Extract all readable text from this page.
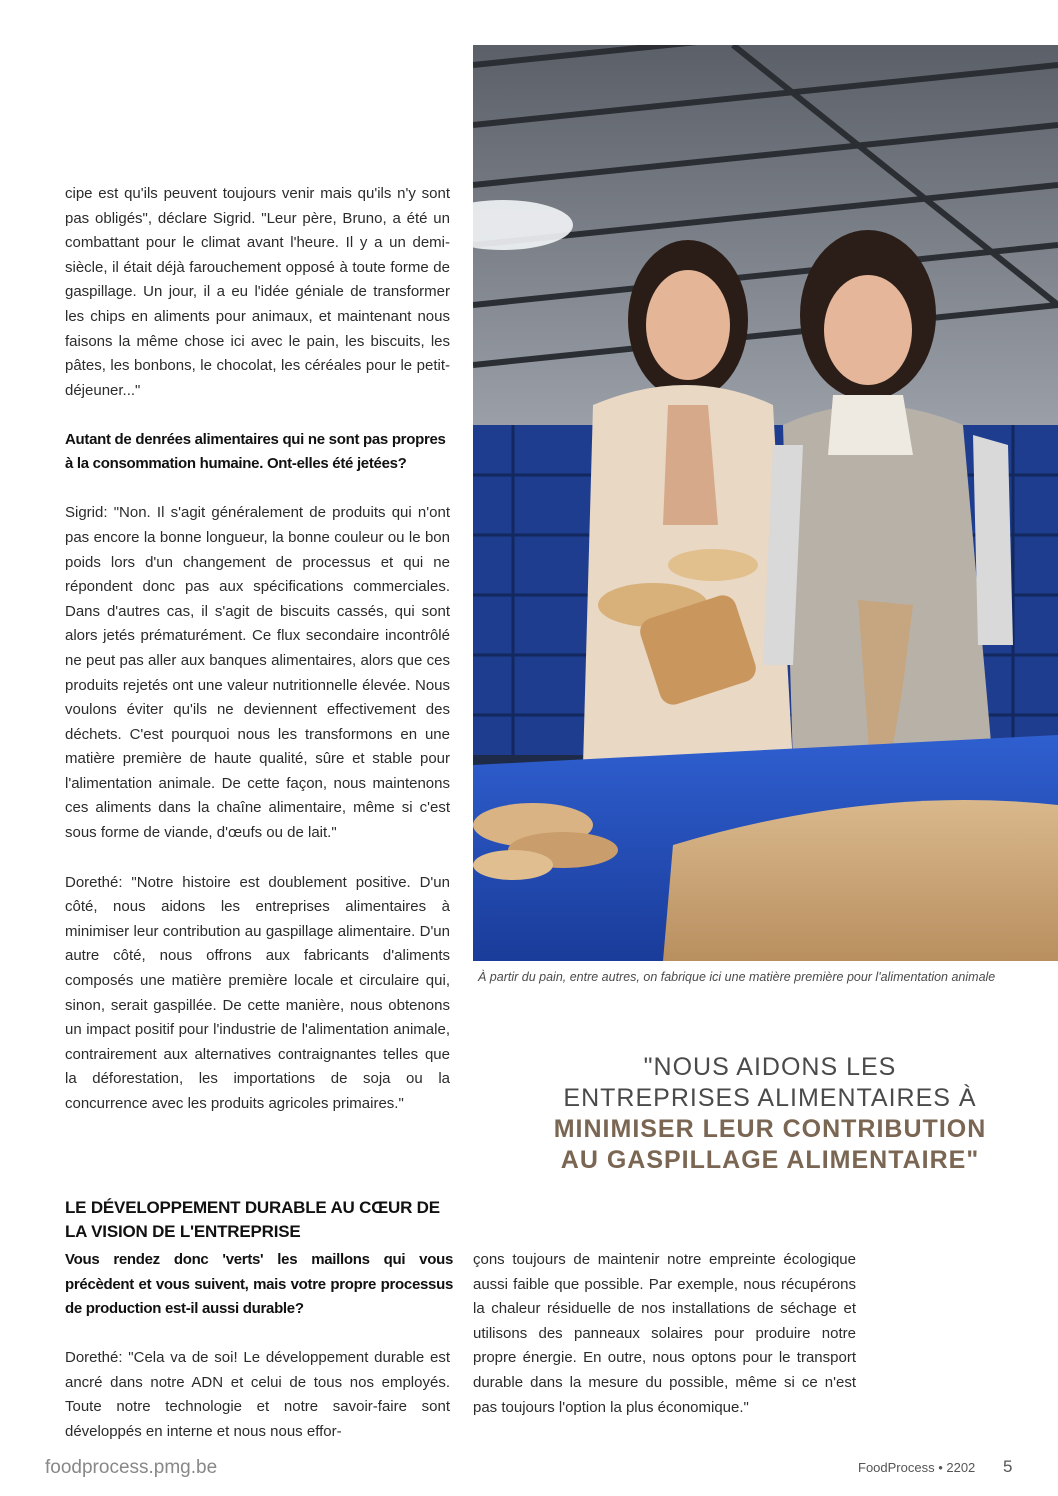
cipe est qu'ils peuvent toujours venir mais qu'ils n'y sont pas obligés", déclare Sigrid. "Leur père, Bruno, a été un combattant pour le climat avant l'heure. Il y a un demi-siècle, il était déjà farouchement opposé à toute forme de gaspillage. Un jour, il a eu l'idée géniale de transformer les chips en aliments pour animaux, et maintenant nous faisons la même chose ici avec le pain, les biscuits, les pâtes, les bonbons, le chocolat, les céréales pour le petit-déjeuner..."

Autant de denrées alimentaires qui ne sont pas propres à la consommation humaine. Ont-elles été jetées?

Sigrid: "Non. Il s'agit généralement de produits qui n'ont pas encore la bonne longueur, la bonne couleur ou le bon poids lors d'un changement de processus et qui ne répondent donc pas aux spécifications commerciales. Dans d'autres cas, il s'agit de biscuits cassés, qui sont alors jetés prématurément. Ce flux secondaire incontrôlé ne peut pas aller aux banques alimentaires, alors que ces produits rejetés ont une valeur nutritionnelle élevée. Nous voulons éviter qu'ils ne deviennent effectivement des déchets. C'est pourquoi nous les transformons en une matière première de haute qualité, sûre et stable pour l'alimentation animale. De cette façon, nous maintenons ces aliments dans la chaîne alimentaire, même si c'est sous forme de viande, d'œufs ou de lait."

Dorethé: "Notre histoire est doublement positive. D'un côté, nous aidons les entreprises alimentaires à minimiser leur contribution au gaspillage alimentaire. D'un autre côté, nous offrons aux fabricants d'aliments composés une matière première locale et circulaire qui, sinon, serait gaspillée. De cette manière, nous obtenons un impact positif pour l'industrie de l'alimentation animale, contrairement aux alternatives contraignantes telles que la déforestation, les importations de soja ou la concurrence avec les produits agricoles primaires."

LE DÉVELOPPEMENT DURABLE AU CŒUR DE LA VISION DE L'ENTREPRISE

Vous rendez donc 'verts' les maillons qui vous précèdent et vous suivent, mais votre propre processus de production est-il aussi durable?

Dorethé: "Cela va de soi! Le développement durable est ancré dans notre ADN et celui de tous nos employés. Toute notre technologie et notre savoir-faire sont développés en interne et nous nous effor-

À partir du pain, entre autres, on fabrique ici une matière première pour l'alimentation animale

"NOUS AIDONS LES
ENTREPRISES ALIMENTAIRES À
MINIMISER LEUR CONTRIBUTION
AU GASPILLAGE ALIMENTAIRE"

çons toujours de maintenir notre empreinte écologique aussi faible que possible. Par exemple, nous récupérons la chaleur résiduelle de nos installations de séchage et utilisons des panneaux solaires pour produire notre propre énergie. En outre, nous optons pour le transport durable dans la mesure du possible, même si ce n'est pas toujours l'option la plus économique."

foodprocess.pmg.be	FoodProcess • 2202 5
